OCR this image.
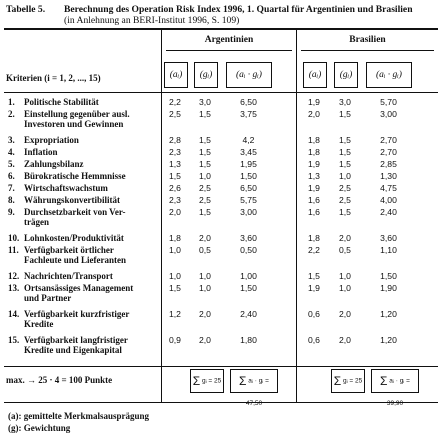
Tabelle 5. Berechnung des Operation Risk Index 1996, 1. Quartal für Argentinien und Brasilien
(in Anlehnung an BERI-Institut 1996, S. 109)
Argentinien	Brasilien
(aᵢ)	(gᵢ)	(aᵢ · gᵢ)	(aᵢ)	(gᵢ)	(aᵢ · gᵢ)
Kriterien (i = 1, 2, ..., 15)
1. Politische Stabilität	2,2	3,0	6,50	1,9	3,0	5,70
2. Einstellung gegenüber ausl.
Investoren und Gewinnen
2,5	1,5	3,75	2,0	1,5	3,00
3. Expropriation	2,8	1,5	4,2	1,8	1,5	2,70
4. Inflation	2,3	1,5	3,45	1,8	1,5	2,70
5. Zahlungsbilanz	1,3	1,5	1,95	1,9	1,5	2,85
6. Bürokratische Hemmnisse	1,5	1,0	1,50	1,3	1,0	1,30
7. Wirtschaftswachstum	2,6	2,5	6,50	1,9	2,5	4,75
8. Währungskonvertibilität	2,3	2,5	5,75	1,6	2,5	4,00
9. Durchsetzbarkeit von Ver-
trägen
2,0	1,5	3,00	1,6	1,5	2,40
10. Lohnkosten/Produktivität	1,8	2,0	3,60	1,8	2,0	3,60
11. Verfügbarkeit örtlicher
Fachleute und Lieferanten
1,0	0,5	0,50	2,2	0,5	1,10
12. Nachrichten/Transport	1,0	1,0	1,00	1,5	1,0	1,50
13. Ortsansässiges Management
und Partner
1,5	1,0	1,50	1,9	1,0	1,90
14. Verfügbarkeit kurzfristiger
Kredite
1,2	2,0	2,40	0,6	2,0	1,20
15. Verfügbarkeit langfristiger
Kredite und Eigenkapital
0,9	2,0	1,80	0,6	2,0	1,20
max. → 25 · 4 = 100 Punkte	Σ gᵢ = 25	Σ aᵢ · gᵢ = 47,50
Σ gᵢ = 25	Σ aᵢ · gᵢ = 39,90
(a): gemittelte Merkmalsausprägung
(g): Gewichtung
